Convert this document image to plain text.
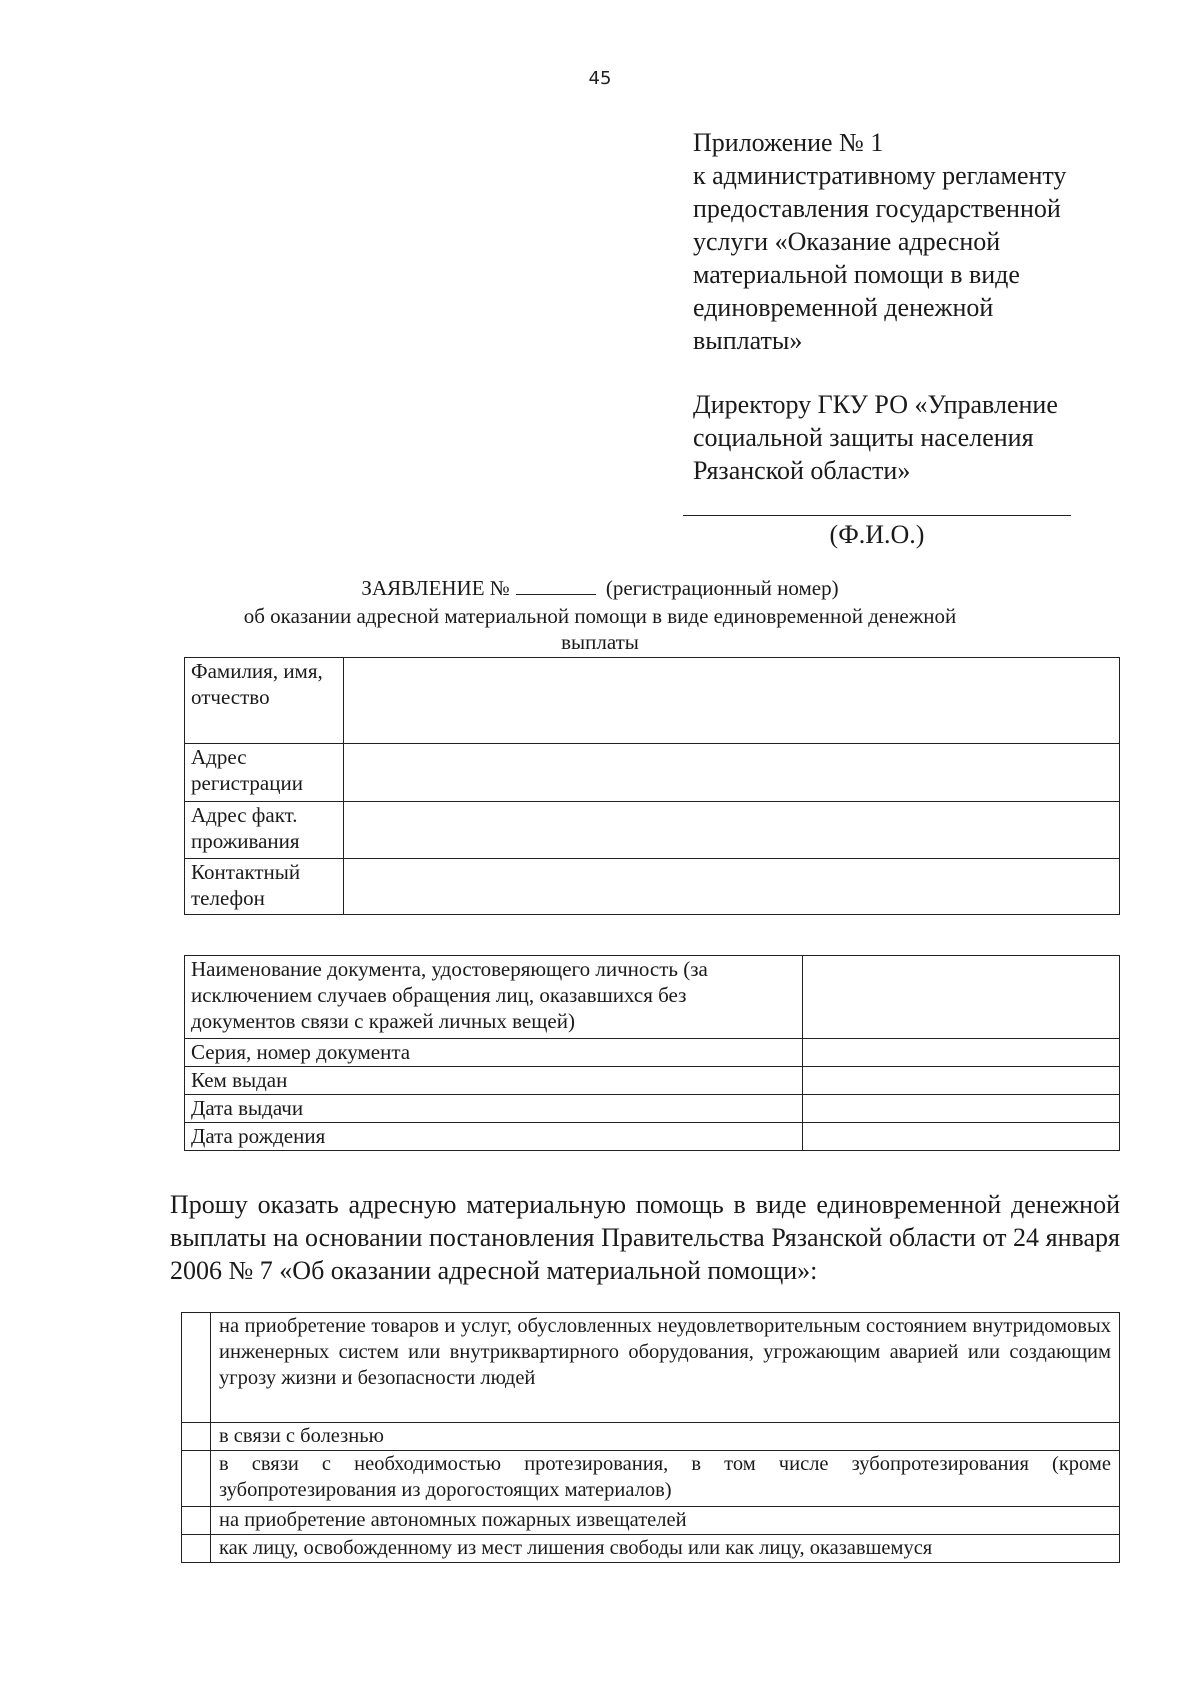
45
Приложение № 1
к административному регламенту
предоставления государственной
услуги «Оказание адресной
материальной помощи в виде
единовременной денежной
выплаты»
Директору ГКУ РО «Управление
социальной защиты населения
Рязанской области»
(Ф.И.О.)
ЗАЯВЛЕНИЕ №	(регистрационный номер)
об оказании адресной материальной помощи в виде единовременной денежной
выплаты
Фамилия, имя, отчество	
Адрес регистрации	
Адрес факт. проживания	
Контактный телефон	
Наименование документа, удостоверяющего личность (за исключением случаев обращения лиц, оказавшихся без документов связи с кражей личных вещей)	
Серия, номер документа	
Кем выдан	
Дата выдачи	
Дата рождения	
Прошу оказать адресную материальную помощь в виде единовременной денежной выплаты на основании постановления Правительства Рязанской области от 24 января 2006 № 7 «Об оказании адресной материальной помощи»:
	на приобретение товаров и услуг, обусловленных неудовлетворительным состоянием внутридомовых инженерных систем или внутриквартирного оборудования, угрожающим аварией или создающим угрозу жизни и безопасности людей
	в связи с болезнью
	в связи с необходимостью протезирования, в том числе зубопротезирования (кроме зубопротезирования из дорогостоящих материалов)
	на приобретение автономных пожарных извещателей
	как лицу, освобожденному из мест лишения свободы или как лицу, оказавшемуся
